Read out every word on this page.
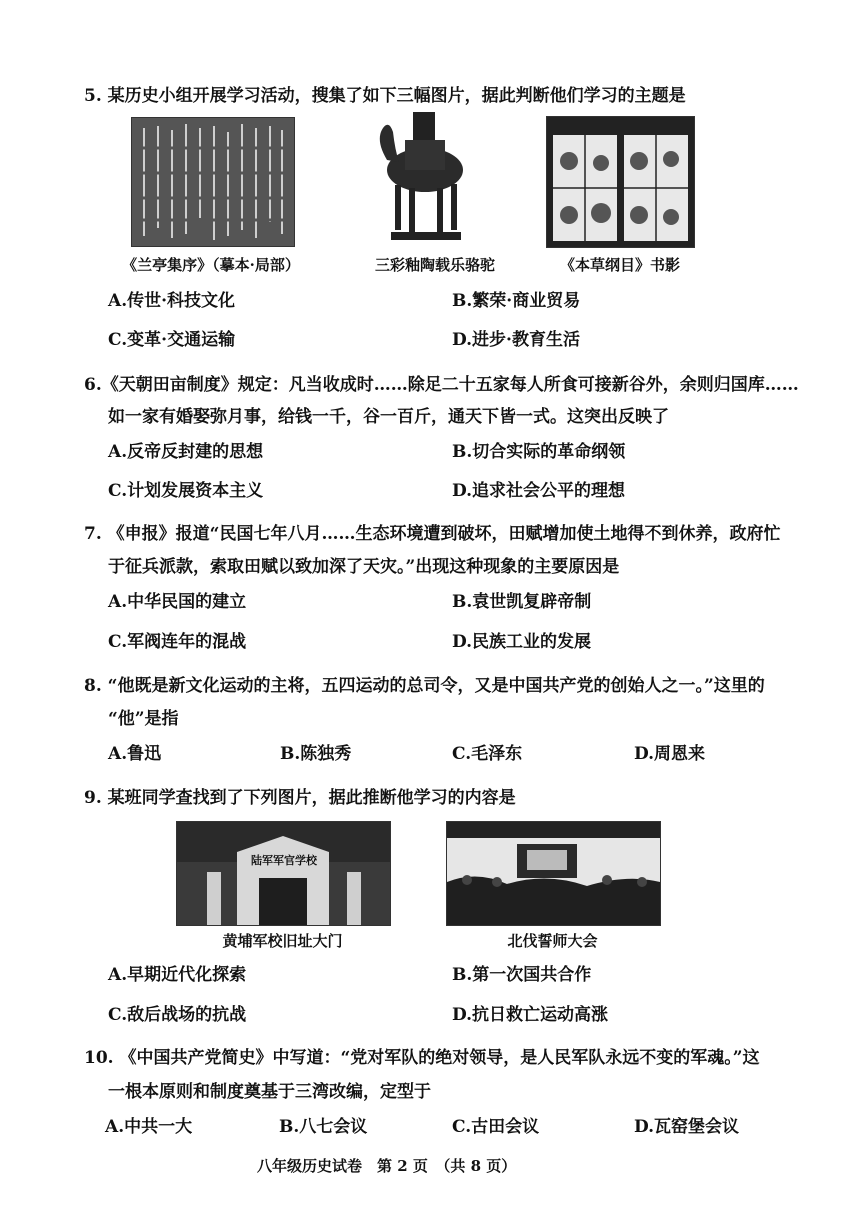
5. 某历史小组开展学习活动，搜集了如下三幅图片，据此判断他们学习的主题是
《兰亭集序》（摹本·局部）	三彩釉陶载乐骆驼	《本草纲目》书影
A.传世·科技文化	B.繁荣·商业贸易
C.变革·交通运输	D.进步·教育生活
6.《天朝田亩制度》规定：凡当收成时……除足二十五家每人所食可接新谷外，余则归国库……
如一家有婚娶弥月事，给钱一千，谷一百斤，通天下皆一式。这突出反映了
A.反帝反封建的思想	B.切合实际的革命纲领
C.计划发展资本主义	D.追求社会公平的理想
7. 《申报》报道“民国七年八月……生态环境遭到破坏，田赋增加使土地得不到休养，政府忙
于征兵派款，索取田赋以致加深了天灾。”出现这种现象的主要原因是
A.中华民国的建立	B.袁世凯复辟帝制
C.军阀连年的混战	D.民族工业的发展
8. “他既是新文化运动的主将，五四运动的总司令，又是中国共产党的创始人之一。”这里的
“他”是指
A.鲁迅	B.陈独秀	C.毛泽东	D.周恩来
9. 某班同学查找到了下列图片，据此推断他学习的内容是
陆军军官学校
黄埔军校旧址大门	北伐誓师大会
A.早期近代化探索	B.第一次国共合作
C.敌后战场的抗战	D.抗日救亡运动高涨
10. 《中国共产党简史》中写道：“党对军队的绝对领导，是人民军队永远不变的军魂。”这
一根本原则和制度奠基于三湾改编，定型于
A.中共一大	B.八七会议	C.古田会议	D.瓦窑堡会议
八年级历史试卷　第 2 页　（共 8 页）
